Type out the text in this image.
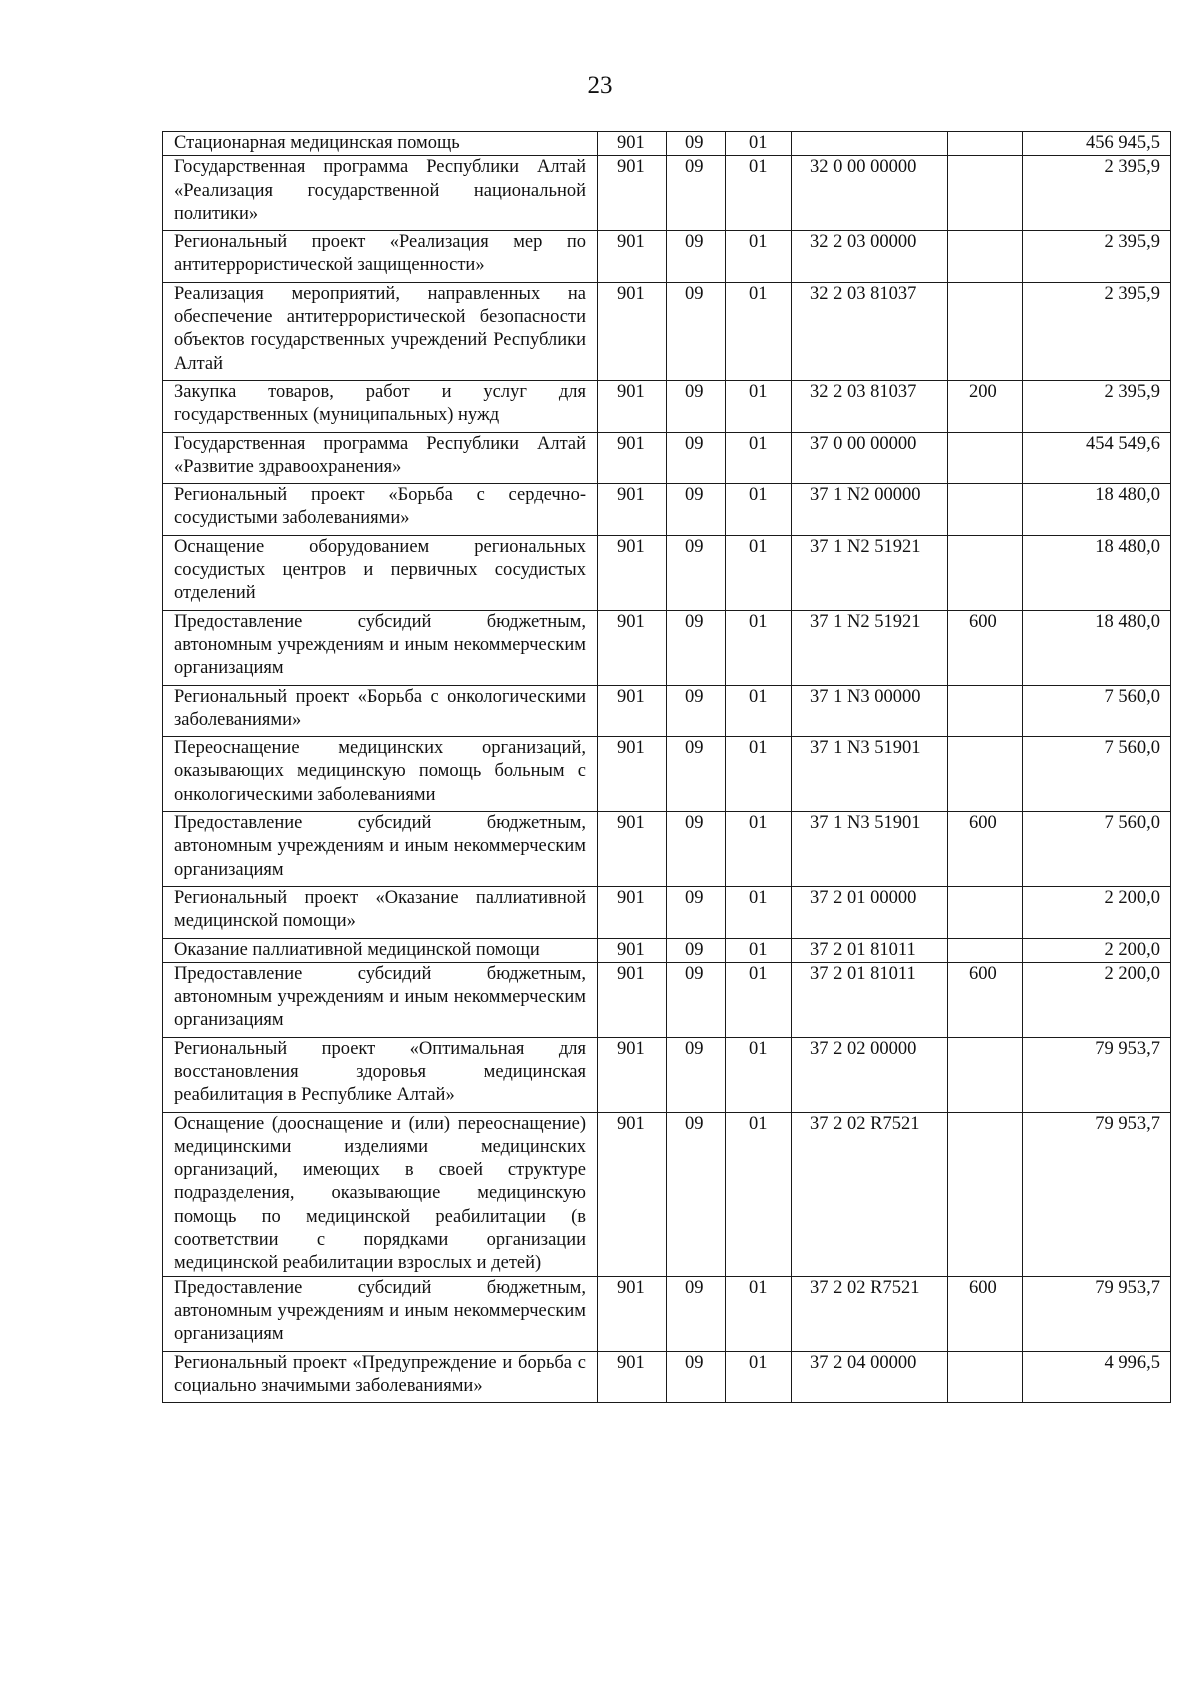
23
Стационарная медицинская помощь	901	09	01			456 945,5
Государственная программа Республики Алтай «Реализация государственной национальной политики»	901	09	01	32 0 00 00000		2 395,9
Региональный проект «Реализация мер по антитеррористической защищенности»	901	09	01	32 2 03 00000		2 395,9
Реализация мероприятий, направленных на обеспечение антитеррористической безопасности объектов государственных учреждений Республики Алтай	901	09	01	32 2 03 81037		2 395,9
Закупка товаров, работ и услуг для государственных (муниципальных) нужд	901	09	01	32 2 03 81037	200	2 395,9
Государственная программа Республики Алтай «Развитие здравоохранения»	901	09	01	37 0 00 00000		454 549,6
Региональный проект «Борьба с сердечно-сосудистыми заболеваниями»	901	09	01	37 1 N2 00000		18 480,0
Оснащение оборудованием региональных сосудистых центров и первичных сосудистых отделений	901	09	01	37 1 N2 51921		18 480,0
Предоставление субсидий бюджетным, автономным учреждениям и иным некоммерческим организациям	901	09	01	37 1 N2 51921	600	18 480,0
Региональный проект «Борьба с онкологическими заболеваниями»	901	09	01	37 1 N3 00000		7 560,0
Переоснащение медицинских организаций, оказывающих медицинскую помощь больным с онкологическими заболеваниями	901	09	01	37 1 N3 51901		7 560,0
Предоставление субсидий бюджетным, автономным учреждениям и иным некоммерческим организациям	901	09	01	37 1 N3 51901	600	7 560,0
Региональный проект «Оказание паллиативной медицинской помощи»	901	09	01	37 2 01 00000		2 200,0
Оказание паллиативной медицинской помощи	901	09	01	37 2 01 81011		2 200,0
Предоставление субсидий бюджетным, автономным учреждениям и иным некоммерческим организациям	901	09	01	37 2 01 81011	600	2 200,0
Региональный проект «Оптимальная для восстановления здоровья медицинская реабилитация в Республике Алтай»	901	09	01	37 2 02 00000		79 953,7
Оснащение (дооснащение и (или) переоснащение) медицинскими изделиями медицинских организаций, имеющих в своей структуре подразделения, оказывающие медицинскую помощь по медицинской реабилитации (в соответствии с порядками организации медицинской реабилитации взрослых и детей)	901	09	01	37 2 02 R7521		79 953,7
Предоставление субсидий бюджетным, автономным учреждениям и иным некоммерческим организациям	901	09	01	37 2 02 R7521	600	79 953,7
Региональный проект «Предупреждение и борьба с социально значимыми заболеваниями»	901	09	01	37 2 04 00000		4 996,5
